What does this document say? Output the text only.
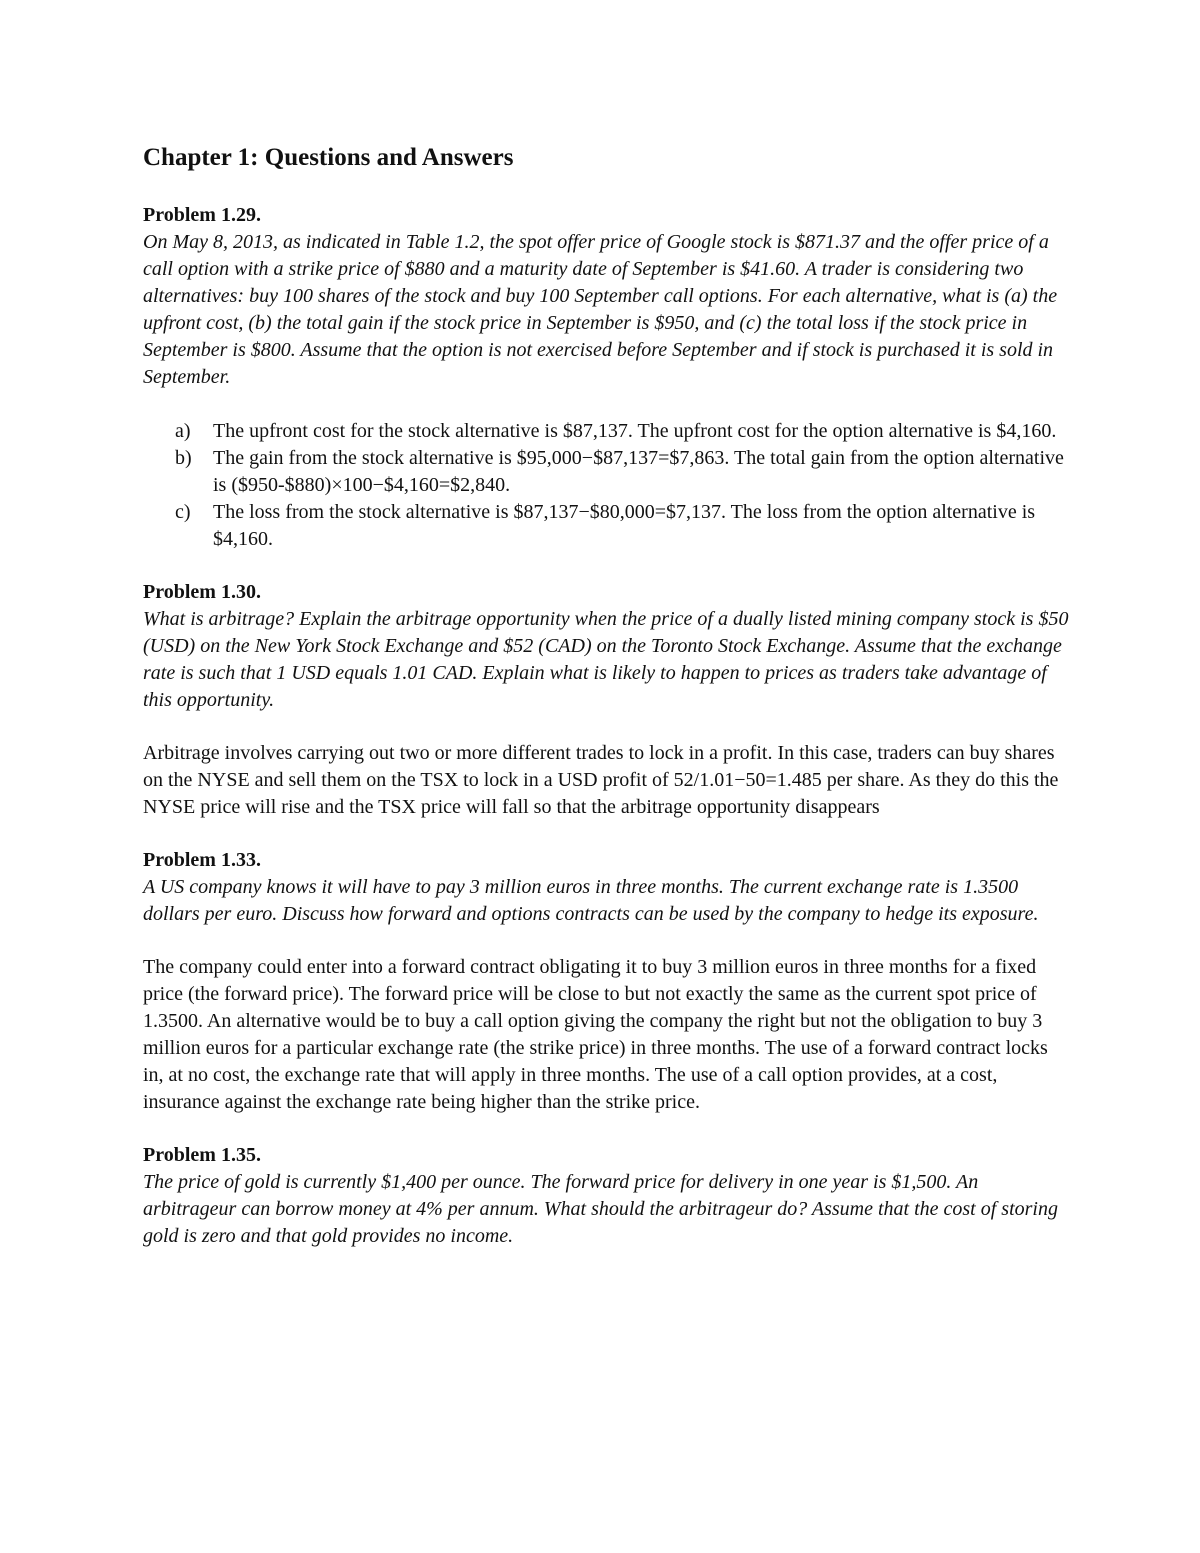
Chapter 1: Questions and Answers

Problem 1.29.

On May 8, 2013, as indicated in Table 1.2, the spot offer price of Google stock is $871.37 and the offer price of a call option with a strike price of $880 and a maturity date of September is $41.60. A trader is considering two alternatives: buy 100 shares of the stock and buy 100 September call options. For each alternative, what is (a) the upfront cost, (b) the total gain if the stock price in September is $950, and (c) the total loss if the stock price in September is $800. Assume that the option is not exercised before September and if stock is purchased it is sold in September.

a) The upfront cost for the stock alternative is $87,137. The upfront cost for the option alternative is $4,160.
b) The gain from the stock alternative is $95,000−$87,137=$7,863. The total gain from the option alternative is ($950-$880)×100−$4,160=$2,840.
c) The loss from the stock alternative is $87,137−$80,000=$7,137. The loss from the option alternative is $4,160.

Problem 1.30.

What is arbitrage? Explain the arbitrage opportunity when the price of a dually listed mining company stock is $50 (USD) on the New York Stock Exchange and $52 (CAD) on the Toronto Stock Exchange. Assume that the exchange rate is such that 1 USD equals 1.01 CAD. Explain what is likely to happen to prices as traders take advantage of this opportunity.

Arbitrage involves carrying out two or more different trades to lock in a profit. In this case, traders can buy shares on the NYSE and sell them on the TSX to lock in a USD profit of 52/1.01−50=1.485 per share. As they do this the NYSE price will rise and the TSX price will fall so that the arbitrage opportunity disappears

Problem 1.33.

A US company knows it will have to pay 3 million euros in three months. The current exchange rate is 1.3500 dollars per euro. Discuss how forward and options contracts can be used by the company to hedge its exposure.

The company could enter into a forward contract obligating it to buy 3 million euros in three months for a fixed price (the forward price). The forward price will be close to but not exactly the same as the current spot price of 1.3500. An alternative would be to buy a call option giving the company the right but not the obligation to buy 3 million euros for a particular exchange rate (the strike price) in three months. The use of a forward contract locks in, at no cost, the exchange rate that will apply in three months. The use of a call option provides, at a cost, insurance against the exchange rate being higher than the strike price.

Problem 1.35.

The price of gold is currently $1,400 per ounce. The forward price for delivery in one year is $1,500. An arbitrageur can borrow money at 4% per annum. What should the arbitrageur do? Assume that the cost of storing gold is zero and that gold provides no income.
